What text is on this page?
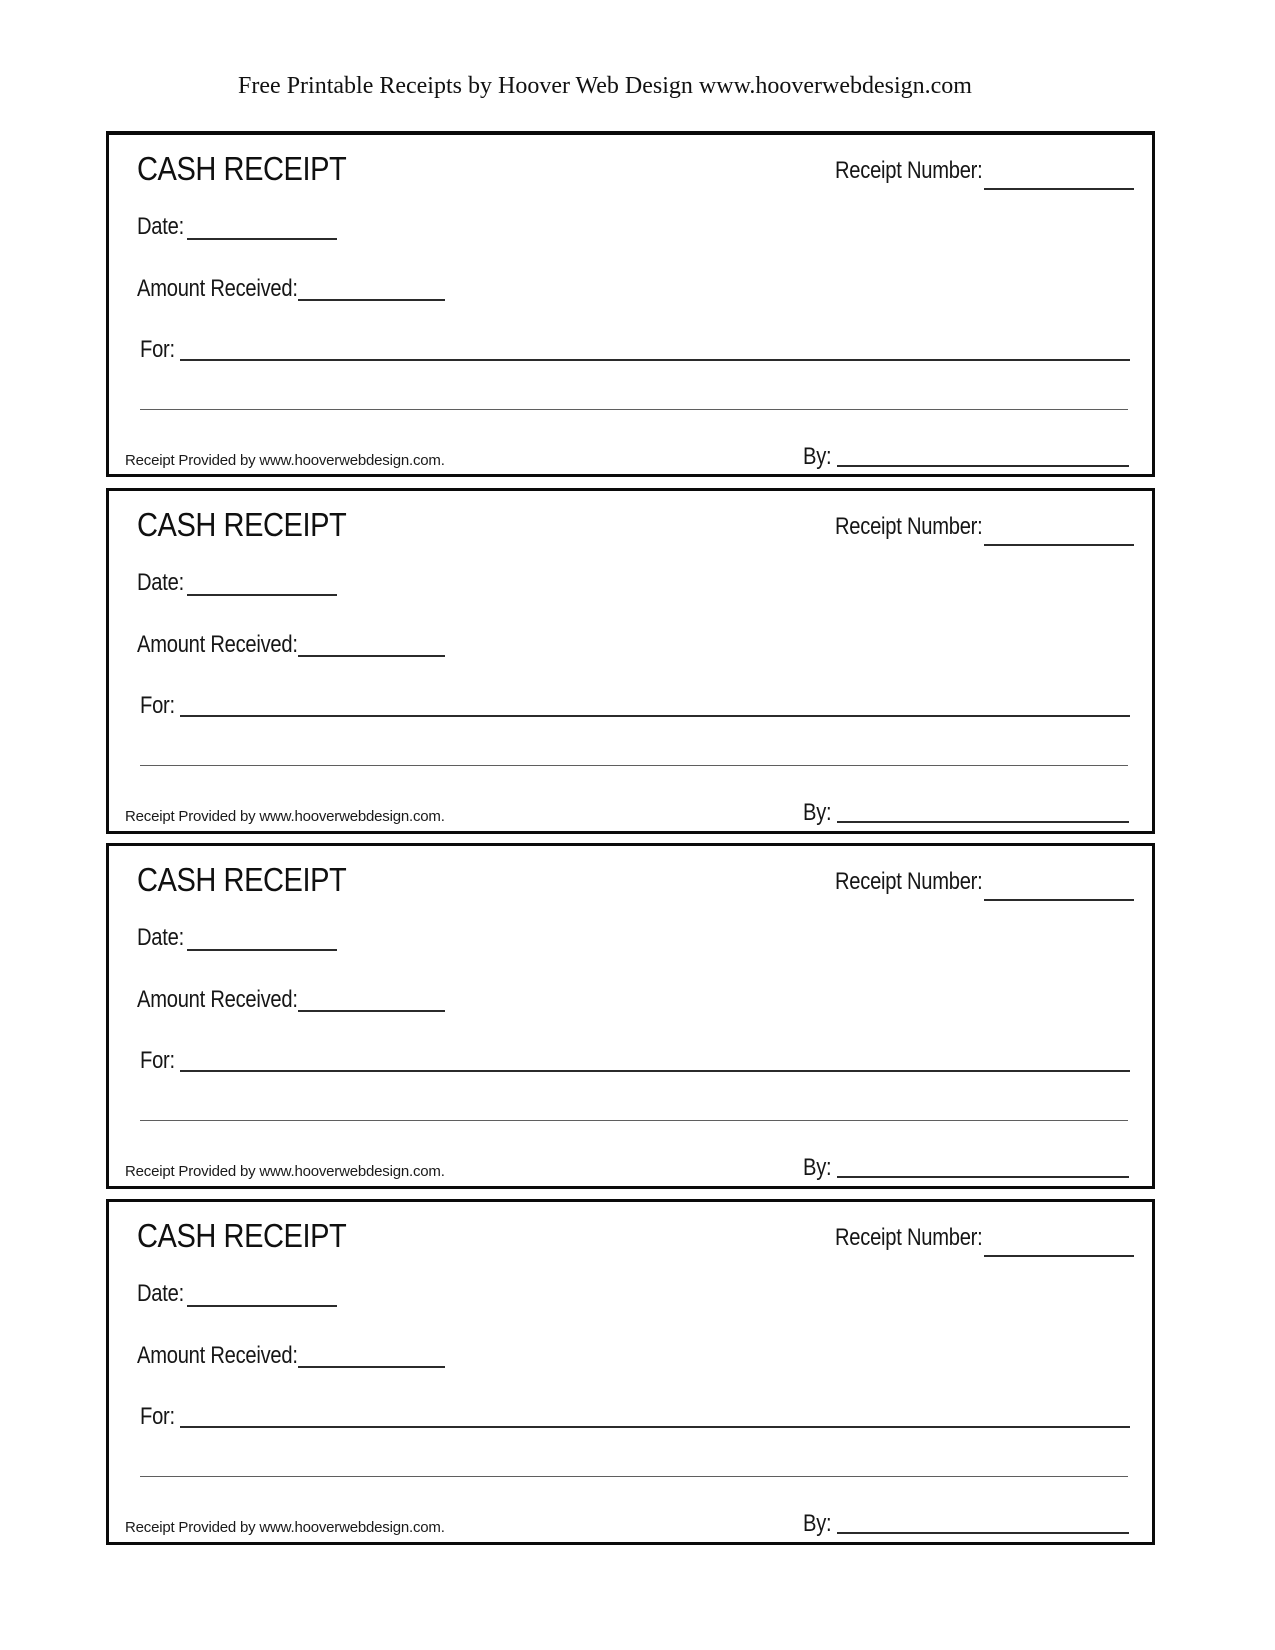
Free Printable Receipts by Hoover Web Design www.hooverwebdesign.com
CASH RECEIPT	Receipt Number:
Date:
Amount Received:
For:
Receipt Provided by www.hooverwebdesign.com.	By:
CASH RECEIPT	Receipt Number:
Date:
Amount Received:
For:
Receipt Provided by www.hooverwebdesign.com.	By:
CASH RECEIPT	Receipt Number:
Date:
Amount Received:
For:
Receipt Provided by www.hooverwebdesign.com.	By:
CASH RECEIPT	Receipt Number:
Date:
Amount Received:
For:
Receipt Provided by www.hooverwebdesign.com.	By:
